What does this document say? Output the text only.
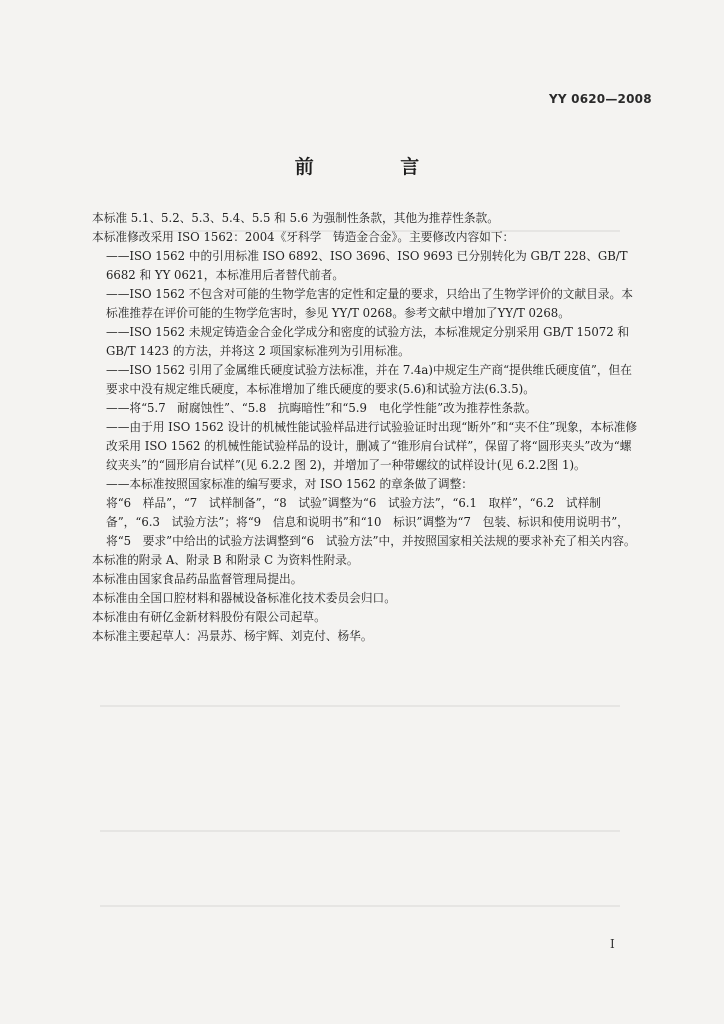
YY 0620—2008
前 言

本标准 5.1、5.2、5.3、5.4、5.5 和 5.6 为强制性条款，其他为推荐性条款。

本标准修改采用 ISO 1562：2004《牙科学　铸造金合金》。主要修改内容如下：

——ISO 1562 中的引用标准 ISO 6892、ISO 3696、ISO 9693 已分别转化为 GB/T 228、GB/T 6682 和 YY 0621，本标准用后者替代前者。

——ISO 1562 不包含对可能的生物学危害的定性和定量的要求，只给出了生物学评价的文献目录。本标准推荐在评价可能的生物学危害时，参见 YY/T 0268。参考文献中增加了YY/T 0268。

——ISO 1562 未规定铸造金合金化学成分和密度的试验方法，本标准规定分别采用 GB/T 15072 和 GB/T 1423 的方法，并将这 2 项国家标准列为引用标准。

——ISO 1562 引用了金属维氏硬度试验方法标准，并在 7.4a)中规定生产商“提供维氏硬度值”，但在要求中没有规定维氏硬度，本标准增加了维氏硬度的要求(5.6)和试验方法(6.3.5)。

——将“5.7　耐腐蚀性”、“5.8　抗晦暗性”和“5.9　电化学性能”改为推荐性条款。

——由于用 ISO 1562 设计的机械性能试验样品进行试验验证时出现“断外”和“夹不住”现象，本标准修改采用 ISO 1562 的机械性能试验样品的设计，删减了“锥形肩台试样”，保留了将“圆形夹头”改为“螺纹夹头”的“圆形肩台试样”(见 6.2.2 图 2)，并增加了一种带螺纹的试样设计(见 6.2.2图 1)。

——本标准按照国家标准的编写要求，对 ISO 1562 的章条做了调整：

将“6　样品”，“7　试样制备”，“8　试验”调整为“6　试验方法”，“6.1　取样”，“6.2　试样制备”，“6.3　试验方法”；将“9　信息和说明书”和“10　标识”调整为“7　包装、标识和使用说明书”，将“5　要求”中给出的试验方法调整到“6　试验方法”中，并按照国家相关法规的要求补充了相关内容。

本标准的附录 A、附录 B 和附录 C 为资料性附录。

本标准由国家食品药品监督管理局提出。

本标准由全国口腔材料和器械设备标准化技术委员会归口。

本标准由有研亿金新材料股份有限公司起草。

本标准主要起草人：冯景苏、杨宇辉、刘克付、杨华。

I
